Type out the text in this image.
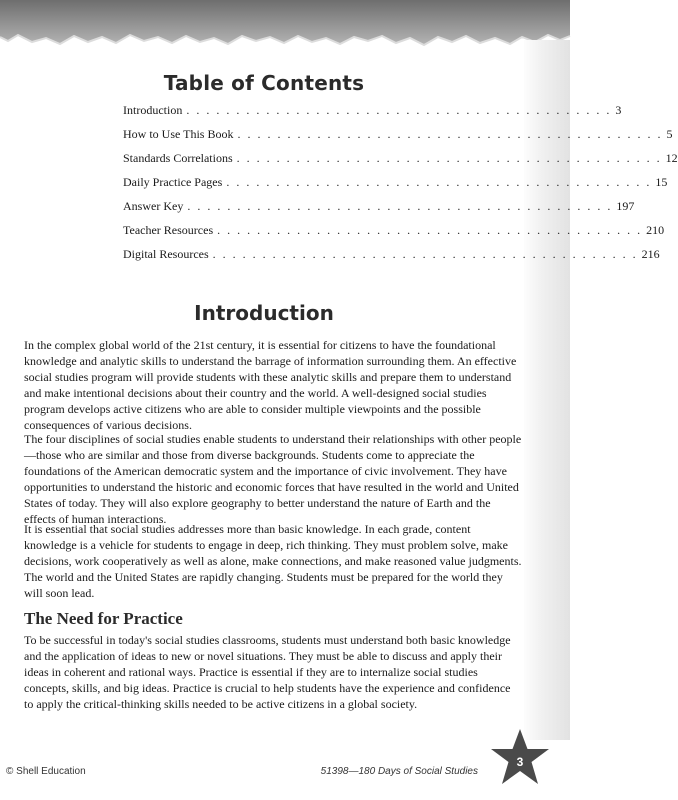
Table of Contents
Introduction . . . . . . . . . . . . . . . . . . . . . . . . . . . . . . . . . . . . . . . . . . . 3
How to Use This Book . . . . . . . . . . . . . . . . . . . . . . . . . . . . . . . . . . . . . . . . . . . 5
Standards Correlations . . . . . . . . . . . . . . . . . . . . . . . . . . . . . . . . . . . . . . . . . . . 12
Daily Practice Pages . . . . . . . . . . . . . . . . . . . . . . . . . . . . . . . . . . . . . . . . . . . 15
Answer Key . . . . . . . . . . . . . . . . . . . . . . . . . . . . . . . . . . . . . . . . . . . 197
Teacher Resources . . . . . . . . . . . . . . . . . . . . . . . . . . . . . . . . . . . . . . . . . . . 210
Digital Resources . . . . . . . . . . . . . . . . . . . . . . . . . . . . . . . . . . . . . . . . . . . 216
Introduction

In the complex global world of the 21st century, it is essential for citizens to have the foundational knowledge and analytic skills to understand the barrage of information surrounding them. An effective social studies program will provide students with these analytic skills and prepare them to understand and make intentional decisions about their country and the world. A well-designed social studies program develops active citizens who are able to consider multiple viewpoints and the possible consequences of various decisions.

The four disciplines of social studies enable students to understand their relationships with other people—those who are similar and those from diverse backgrounds. Students come to appreciate the foundations of the American democratic system and the importance of civic involvement. They have opportunities to understand the historic and economic forces that have resulted in the world and United States of today. They will also explore geography to better understand the nature of Earth and the effects of human interactions.

It is essential that social studies addresses more than basic knowledge. In each grade, content knowledge is a vehicle for students to engage in deep, rich thinking. They must problem solve, make decisions, work cooperatively as well as alone, make connections, and make reasoned value judgments. The world and the United States are rapidly changing. Students must be prepared for the world they will soon lead.

The Need for Practice

To be successful in today's social studies classrooms, students must understand both basic knowledge and the application of ideas to new or novel situations. They must be able to discuss and apply their ideas in coherent and rational ways. Practice is essential if they are to internalize social studies concepts, skills, and big ideas. Practice is crucial to help students have the experience and confidence to apply the critical-thinking skills needed to be active citizens in a global society.

© Shell Education	51398—180 Days of Social Studies
3
